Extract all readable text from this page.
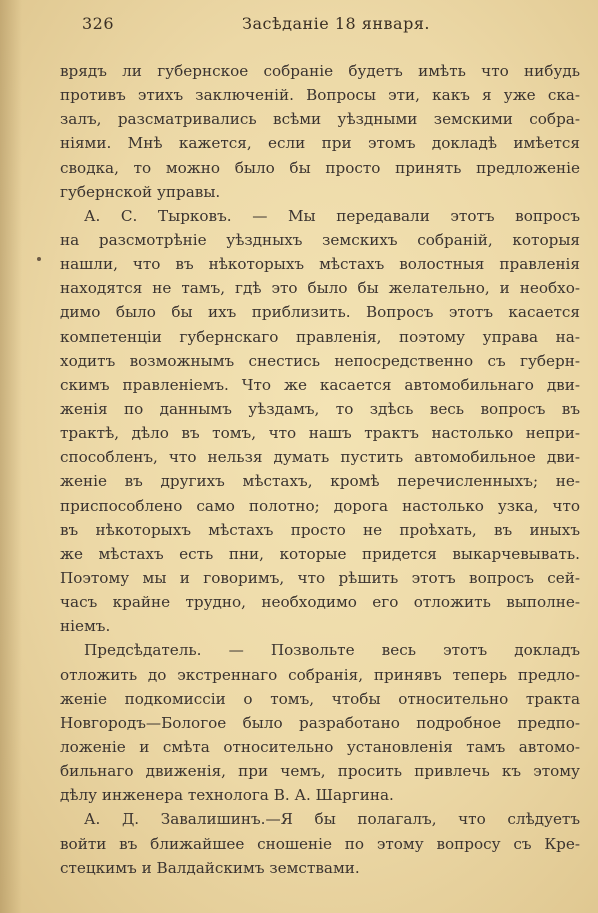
326	Засѣданіе 18 января.
врядъ ли губернское собраніе будетъ имѣть что нибудь
противъ этихъ заключеній. Вопросы эти, какъ я уже ска-
залъ, разсматривались всѣми уѣздными земскими собра-
ніями. Мнѣ кажется, если при этомъ докладѣ имѣется
сводка, то можно было бы просто принять предложеніе
губернской управы.
А. С. Тырковъ. — Мы передавали этотъ вопросъ
на разсмотрѣніе уѣздныхъ земскихъ собраній, которыя
нашли, что въ нѣкоторыхъ мѣстахъ волостныя правленія
находятся не тамъ, гдѣ это было бы желательно, и необхо-
димо было бы ихъ приблизить. Вопросъ этотъ касается
компетенціи губернскаго правленія, поэтому управа на-
ходитъ возможнымъ снестись непосредственно съ губерн-
скимъ правленіемъ. Что же касается автомобильнаго дви-
женія по даннымъ уѣздамъ, то здѣсь весь вопросъ въ
трактѣ, дѣло въ томъ, что нашъ трактъ настолько непри-
способленъ, что нельзя думать пустить автомобильное дви-
женіе въ другихъ мѣстахъ, кромѣ перечисленныхъ; не-
приспособлено само полотно; дорога настолько узка, что
въ нѣкоторыхъ мѣстахъ просто не проѣхать, въ иныхъ
же мѣстахъ есть пни, которые придется выкарчевывать.
Поэтому мы и говоримъ, что рѣшить этотъ вопросъ сей-
часъ крайне трудно, необходимо его отложить выполне-
ніемъ.
Предсѣдатель. — Позвольте весь этотъ докладъ
отложить до экстреннаго собранія, принявъ теперь предло-
женіе подкомиссіи о томъ, чтобы относительно тракта
Новгородъ—Бологое было разработано подробное предпо-
ложеніе и смѣта относительно установленія тамъ автомо-
бильнаго движенія, при чемъ, просить привлечь къ этому
дѣлу инженера технолога В. А. Шаргина.
А. Д. Завалишинъ.—Я бы полагалъ, что слѣдуетъ
войти въ ближайшее сношеніе по этому вопросу съ Кре-
стецкимъ и Валдайскимъ земствами.
